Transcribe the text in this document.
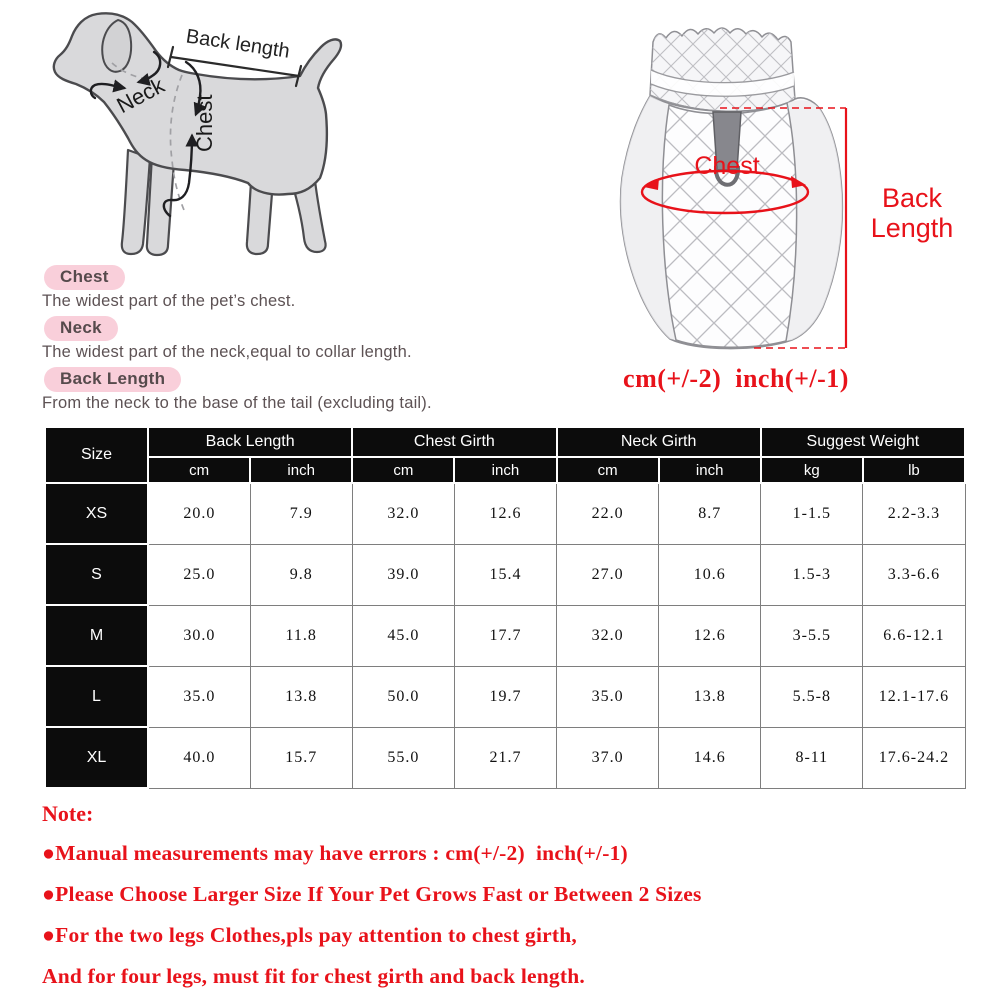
Back length
Neck Chest
Chest
Back
Length
cm(+/-2)  inch(+/-1)
Chest
The widest part of the pet’s chest.
Neck
The widest part of the neck,equal to collar length.
Back Length
From the neck to the base of the tail (excluding tail).
Size	Back Length		Chest Girth		Neck Girth		Suggest Weight	
	cm	inch	cm	inch	cm	inch	kg	lb
XS	20.0	7.9	32.0	12.6	22.0	8.7	1-1.5	2.2-3.3
S	25.0	9.8	39.0	15.4	27.0	10.6	1.5-3	3.3-6.6
M	30.0	11.8	45.0	17.7	32.0	12.6	3-5.5	6.6-12.1
L	35.0	13.8	50.0	19.7	35.0	13.8	5.5-8	12.1-17.6
XL	40.0	15.7	55.0	21.7	37.0	14.6	8-11	17.6-24.2

Note:

●Manual measurements may have errors : cm(+/-2)  inch(+/-1)

●Please Choose Larger Size If Your Pet Grows Fast or Between 2 Sizes

●For the two legs Clothes,pls pay attention to chest girth,

And for four legs, must fit for chest girth and back length.
